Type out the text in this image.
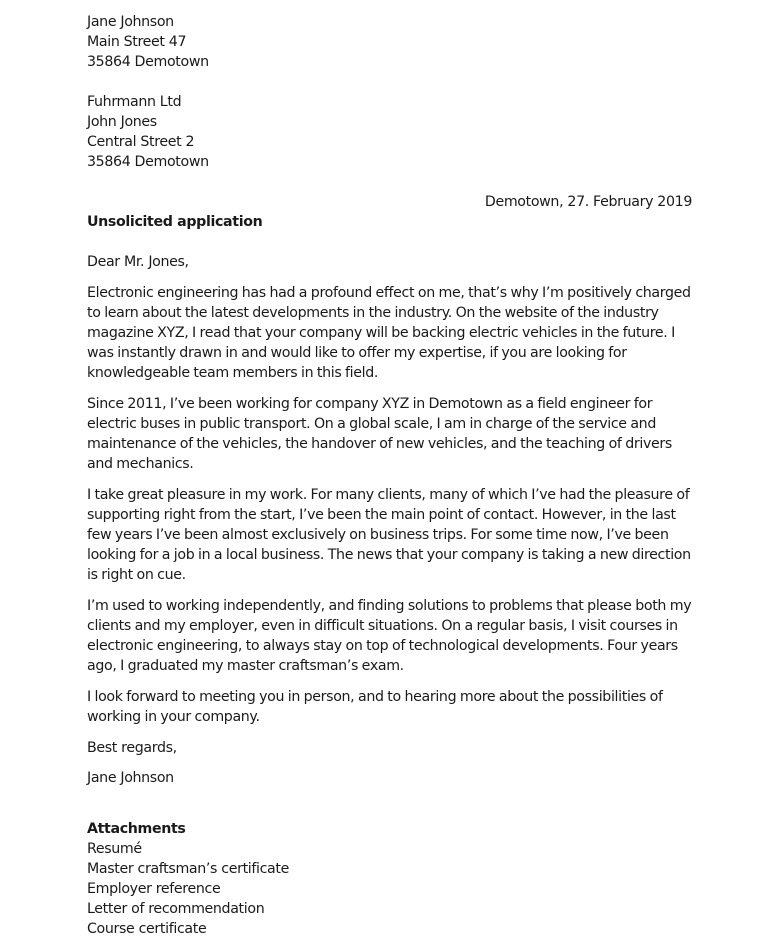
Jane Johnson
Main Street 47
35864 Demotown
Fuhrmann Ltd
John Jones
Central Street 2
35864 Demotown
Demotown, 27. February 2019
Unsolicited application
Dear Mr. Jones,

Electronic engineering has had a profound effect on me, that’s why I’m positively charged to learn about the latest developments in the industry. On the website of the industry magazine XYZ, I read that your company will be backing electric vehicles in the future. I was instantly drawn in and would like to offer my expertise, if you are looking for knowledgeable team members in this field.

Since 2011, I’ve been working for company XYZ in Demotown as a field engineer for electric buses in public transport. On a global scale, I am in charge of the service and maintenance of the vehicles, the handover of new vehicles, and the teaching of drivers and mechanics.

I take great pleasure in my work. For many clients, many of which I’ve had the pleasure of supporting right from the start, I’ve been the main point of contact. However, in the last few years I’ve been almost exclusively on business trips. For some time now, I’ve been looking for a job in a local business. The news that your company is taking a new direction is right on cue.

I’m used to working independently, and finding solutions to problems that please both my clients and my employer, even in difficult situations. On a regular basis, I visit courses in electronic engineering, to always stay on top of technological developments. Four years ago, I graduated my master craftsman’s exam.

I look forward to meeting you in person, and to hearing more about the possibilities of working in your company.

Best regards,
Jane Johnson
Attachments
Resumé
Master craftsman’s certificate
Employer reference
Letter of recommendation
Course certificate
